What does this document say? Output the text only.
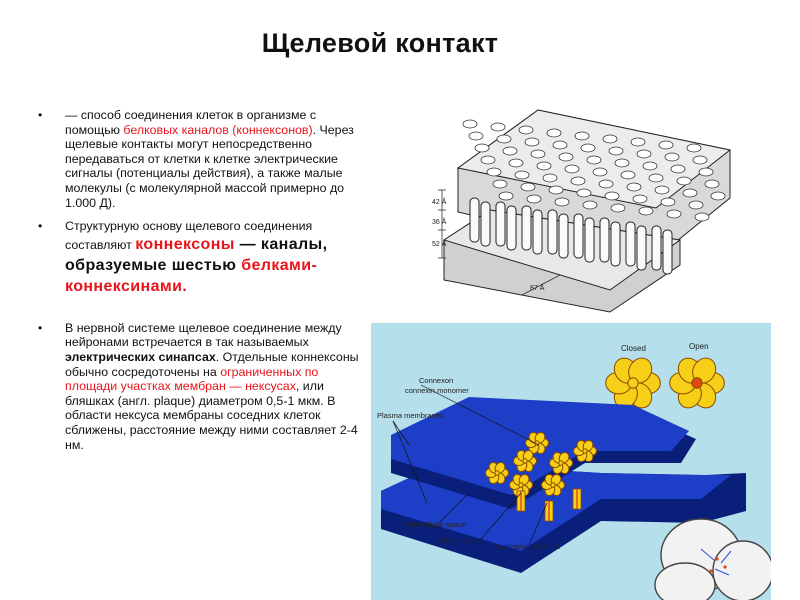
Щелевой контакт
• — способ соединения клеток в организме с помощью белковых каналов (коннексонов). Через щелевые контакты могут непосредственно передаваться от клетки к клетке электрические сигналы (потенциалы действия), а также малые молекулы (с молекулярной массой примерно до 1.000 Д).
• Структурную основу щелевого соединения составляют коннексоны — каналы, образуемые шестью белками-коннексинами.
• В нервной системе щелевое соединение между нейронами встречается в так называемых электрических синапсах. Отдельные коннексоны обычно сосредоточены на ограниченных по площади участках мембран — нексусах, или бляшках (англ. plaque) диаметром 0,5-1 мкм. В области нексуса мембраны соседних клеток сближены, расстояние между ними составляет 2-4 нм.
42 Å
36 Å
52 Å
87 Å
Closed	Open
Connexon
connexin monomer
Plasma membranes
Intercellular space
2-4 nm space
Hydrophilic channel
